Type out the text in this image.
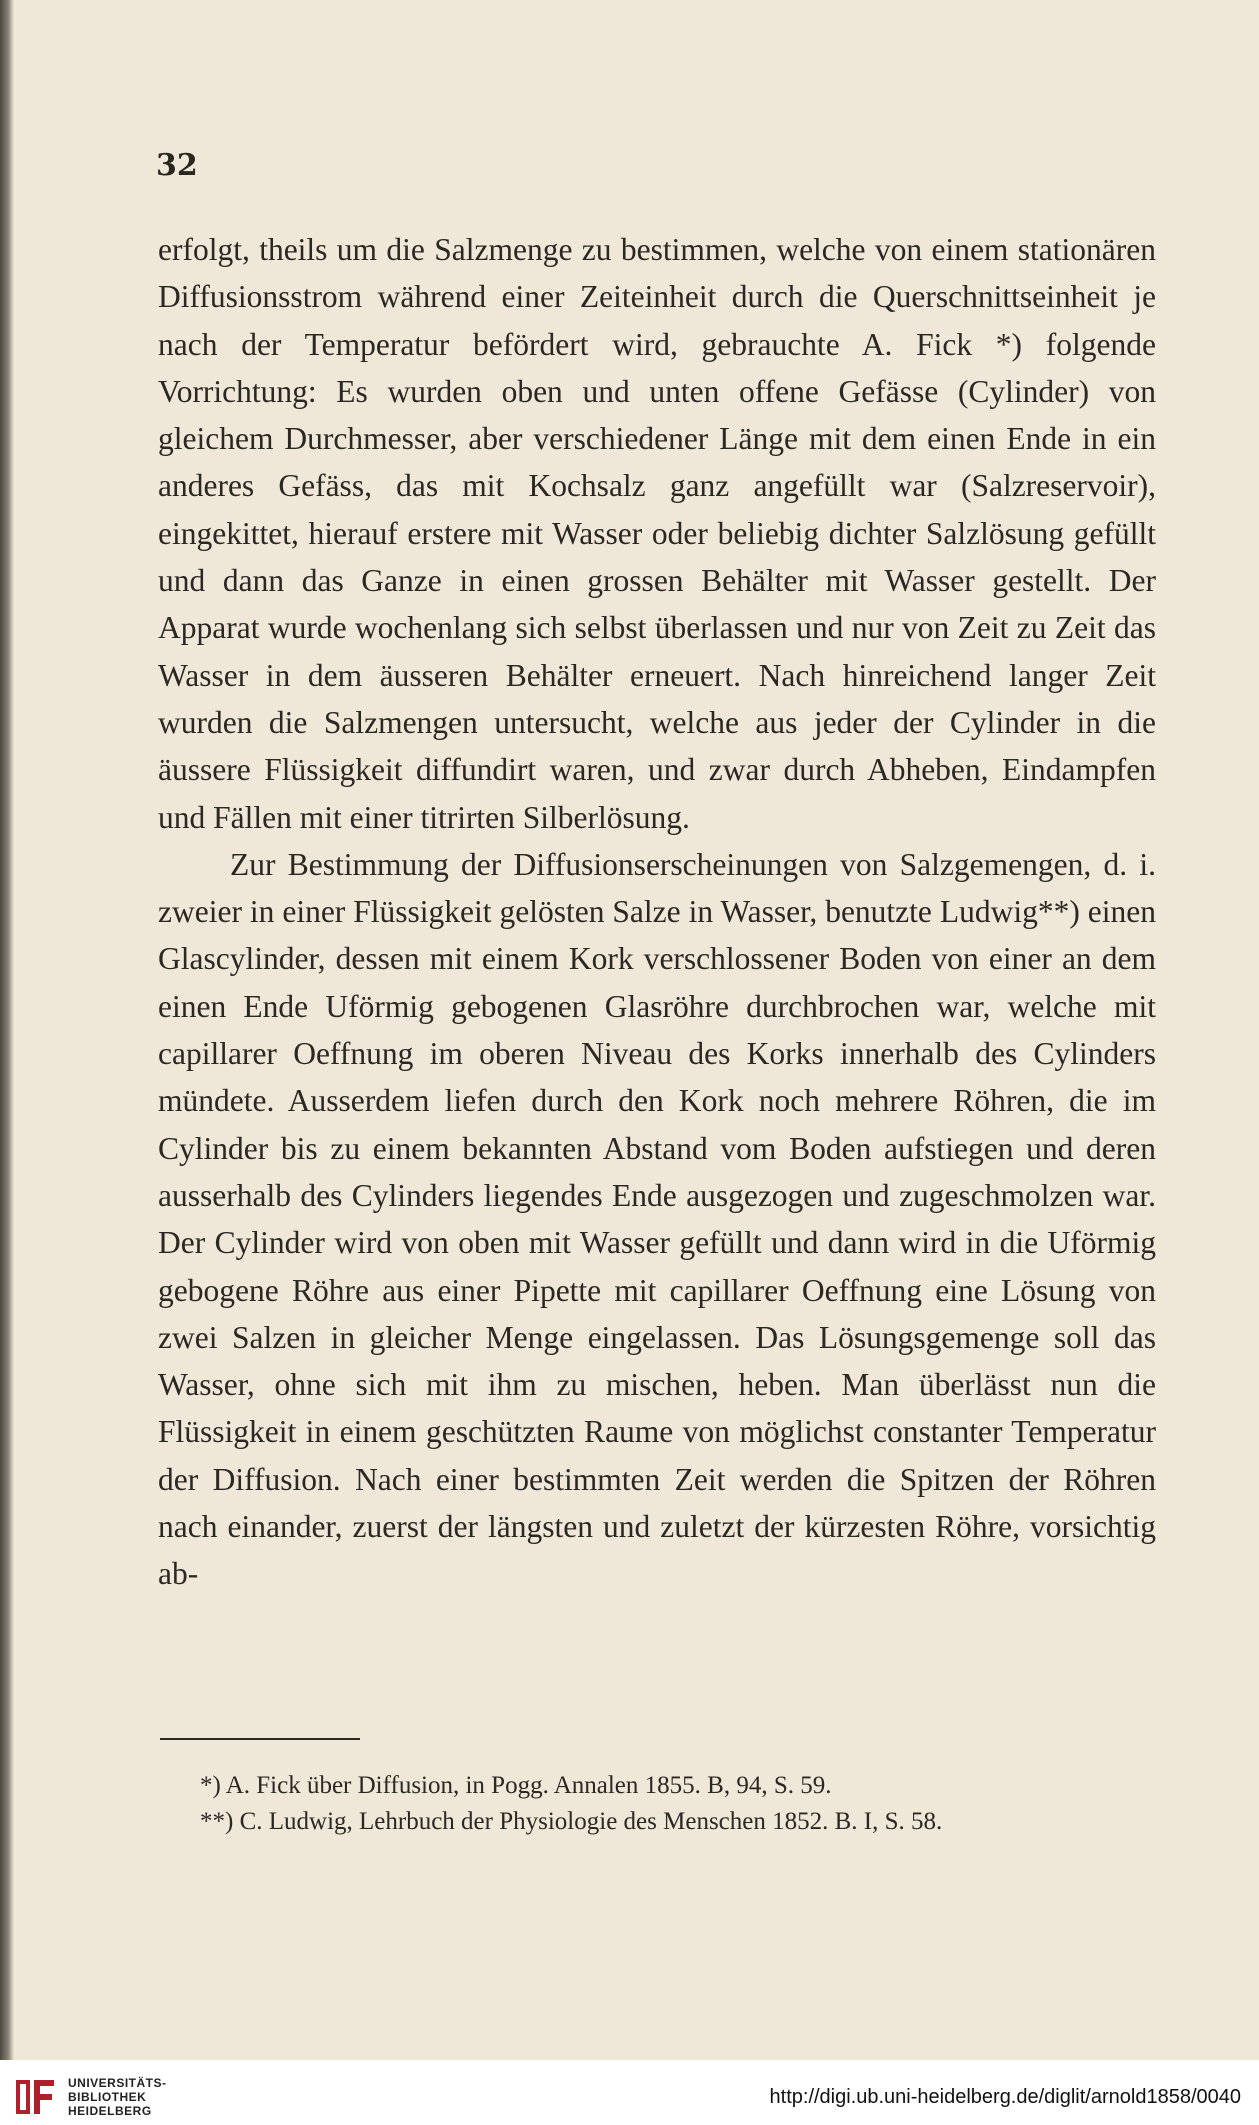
32

erfolgt, theils um die Salzmenge zu bestimmen, welche von einem stationären Diffusionsstrom während einer Zeiteinheit durch die Querschnittseinheit je nach der Temperatur befördert wird, gebrauchte A. Fick *) folgende Vorrichtung: Es wurden oben und unten offene Gefässe (Cylinder) von gleichem Durchmesser, aber verschiedener Länge mit dem einen Ende in ein anderes Gefäss, das mit Kochsalz ganz angefüllt war (Salzreservoir), eingekittet, hierauf erstere mit Wasser oder beliebig dichter Salzlösung gefüllt und dann das Ganze in einen grossen Behälter mit Wasser gestellt. Der Apparat wurde wochenlang sich selbst überlassen und nur von Zeit zu Zeit das Wasser in dem äusseren Behälter erneuert. Nach hinreichend langer Zeit wurden die Salzmengen untersucht, welche aus jeder der Cylinder in die äussere Flüssigkeit diffundirt waren, und zwar durch Abheben, Eindampfen und Fällen mit einer titrirten Silberlösung.

Zur Bestimmung der Diffusionserscheinungen von Salzgemengen, d. i. zweier in einer Flüssigkeit gelösten Salze in Wasser, benutzte Ludwig**) einen Glascylinder, dessen mit einem Kork verschlossener Boden von einer an dem einen Ende Uförmig gebogenen Glasröhre durchbrochen war, welche mit capillarer Oeffnung im oberen Niveau des Korks innerhalb des Cylinders mündete. Ausserdem liefen durch den Kork noch mehrere Röhren, die im Cylinder bis zu einem bekannten Abstand vom Boden aufstiegen und deren ausserhalb des Cylinders liegendes Ende ausgezogen und zugeschmolzen war. Der Cylinder wird von oben mit Wasser gefüllt und dann wird in die Uförmig gebogene Röhre aus einer Pipette mit capillarer Oeffnung eine Lösung von zwei Salzen in gleicher Menge eingelassen. Das Lösungsgemenge soll das Wasser, ohne sich mit ihm zu mischen, heben. Man überlässt nun die Flüssigkeit in einem geschützten Raume von möglichst constanter Temperatur der Diffusion. Nach einer bestimmten Zeit werden die Spitzen der Röhren nach einander, zuerst der längsten und zuletzt der kürzesten Röhre, vorsichtig ab-

*) A. Fick über Diffusion, in Pogg. Annalen 1855. B, 94, S. 59.
**) C. Ludwig, Lehrbuch der Physiologie des Menschen 1852. B. I, S. 58.
UNIVERSITÄTS-
BIBLIOTHEK
HEIDELBERG
http://digi.ub.uni-heidelberg.de/diglit/arnold1858/0040
